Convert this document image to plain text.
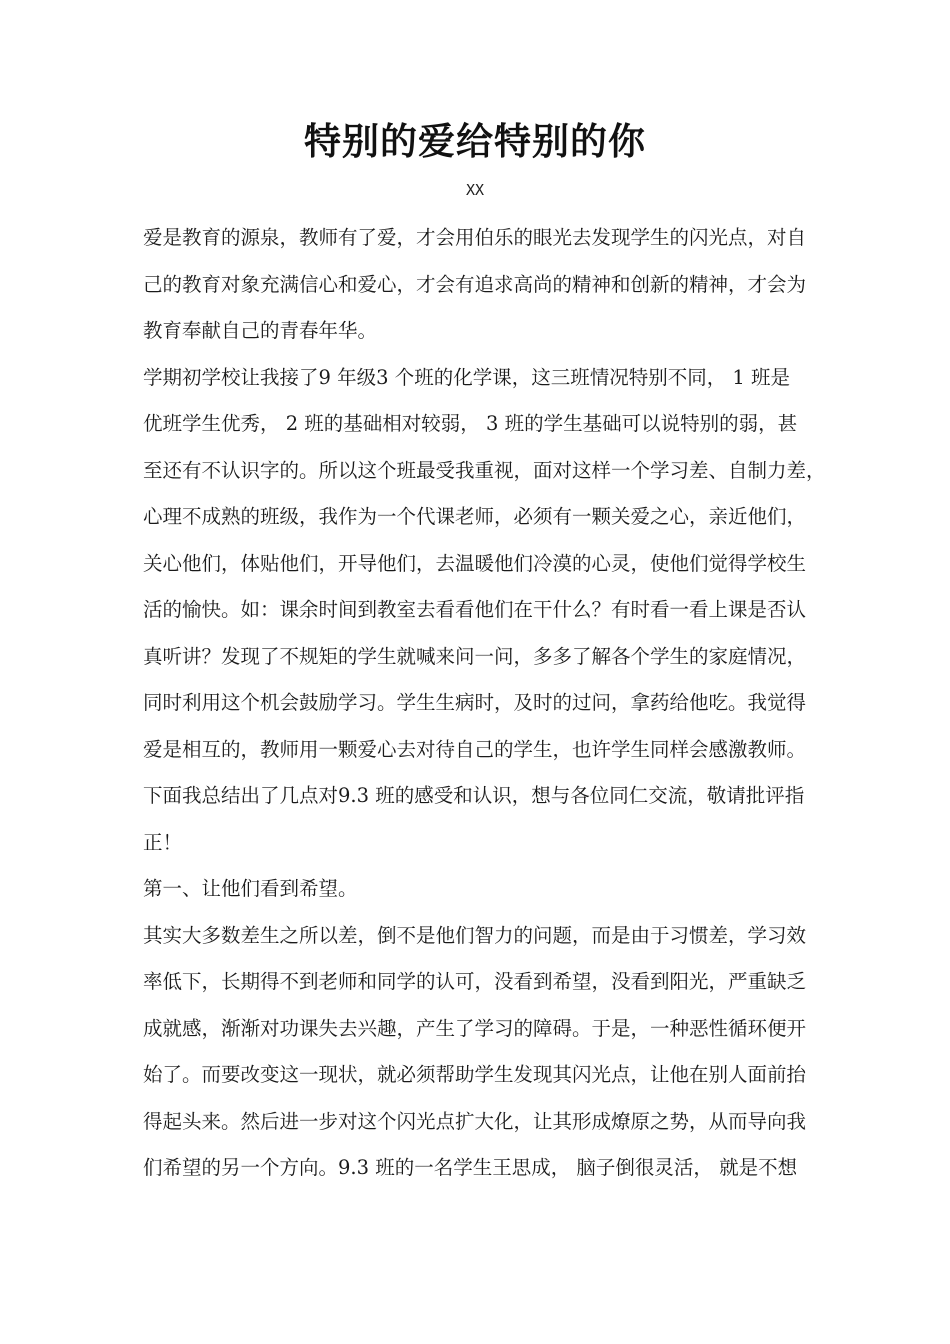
特别的爱给特别的你
XX
爱是教育的源泉，教师有了爱，才会用伯乐的眼光去发现学生的闪光点，对自
己的教育对象充满信心和爱心，才会有追求高尚的精神和创新的精神，才会为
教育奉献自己的青春年华。
学期初学校让我接了9 年级3 个班的化学课，这三班情况特别不同， 1 班是
优班学生优秀， 2 班的基础相对较弱， 3 班的学生基础可以说特别的弱，甚
至还有不认识字的。所以这个班最受我重视，面对这样一个学习差、自制力差，
心理不成熟的班级，我作为一个代课老师，必须有一颗关爱之心，亲近他们，
关心他们，体贴他们，开导他们，去温暖他们冷漠的心灵，使他们觉得学校生
活的愉快。如：课余时间到教室去看看他们在干什么？有时看一看上课是否认
真听讲？发现了不规矩的学生就喊来问一问，多多了解各个学生的家庭情况，
同时利用这个机会鼓励学习。学生生病时，及时的过问，拿药给他吃。我觉得
爱是相互的，教师用一颗爱心去对待自己的学生，也许学生同样会感激教师。
下面我总结出了几点对9.3 班的感受和认识，想与各位同仁交流，敬请批评指
正！
第一、让他们看到希望。
其实大多数差生之所以差，倒不是他们智力的问题，而是由于习惯差，学习效
率低下，长期得不到老师和同学的认可，没看到希望，没看到阳光，严重缺乏
成就感，渐渐对功课失去兴趣，产生了学习的障碍。于是，一种恶性循环便开
始了。而要改变这一现状，就必须帮助学生发现其闪光点，让他在别人面前抬
得起头来。然后进一步对这个闪光点扩大化，让其形成燎原之势，从而导向我
们希望的另一个方向。9.3 班的一名学生王思成， 脑子倒很灵活， 就是不想
